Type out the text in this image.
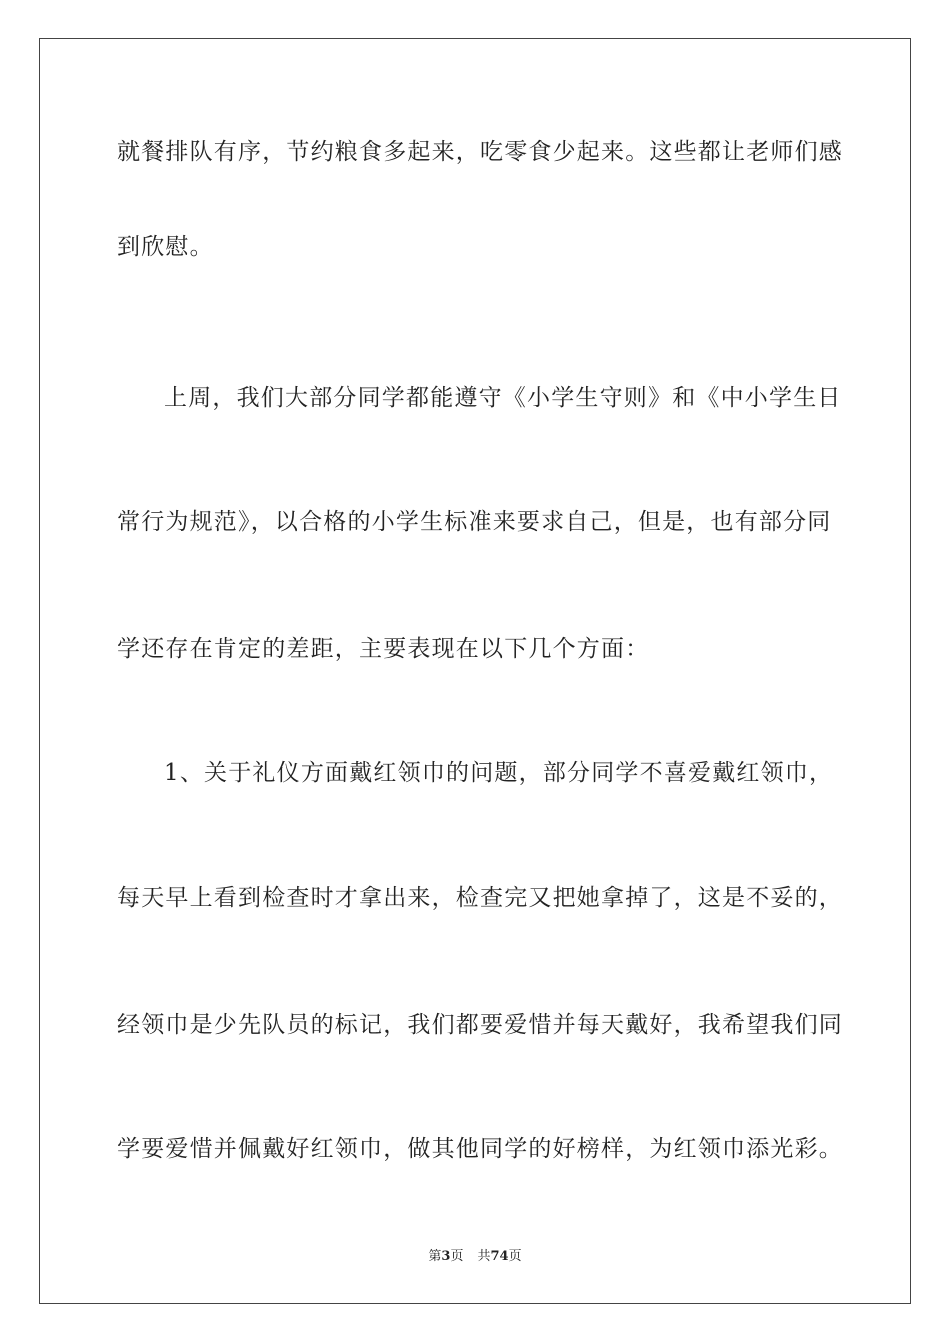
就餐排队有序，节约粮食多起来，吃零食少起来。这些都让老师们感
到欣慰。
上周，我们大部分同学都能遵守《小学生守则》和《中小学生日
常行为规范》，以合格的小学生标准来要求自己，但是，也有部分同
学还存在肯定的差距，主要表现在以下几个方面：
1、关于礼仪方面戴红领巾的问题，部分同学不喜爱戴红领巾，
每天早上看到检查时才拿出来，检查完又把她拿掉了，这是不妥的，
经领巾是少先队员的标记，我们都要爱惜并每天戴好，我希望我们同
学要爱惜并佩戴好红领巾，做其他同学的好榜样，为红领巾添光彩。
第3页 共74页
